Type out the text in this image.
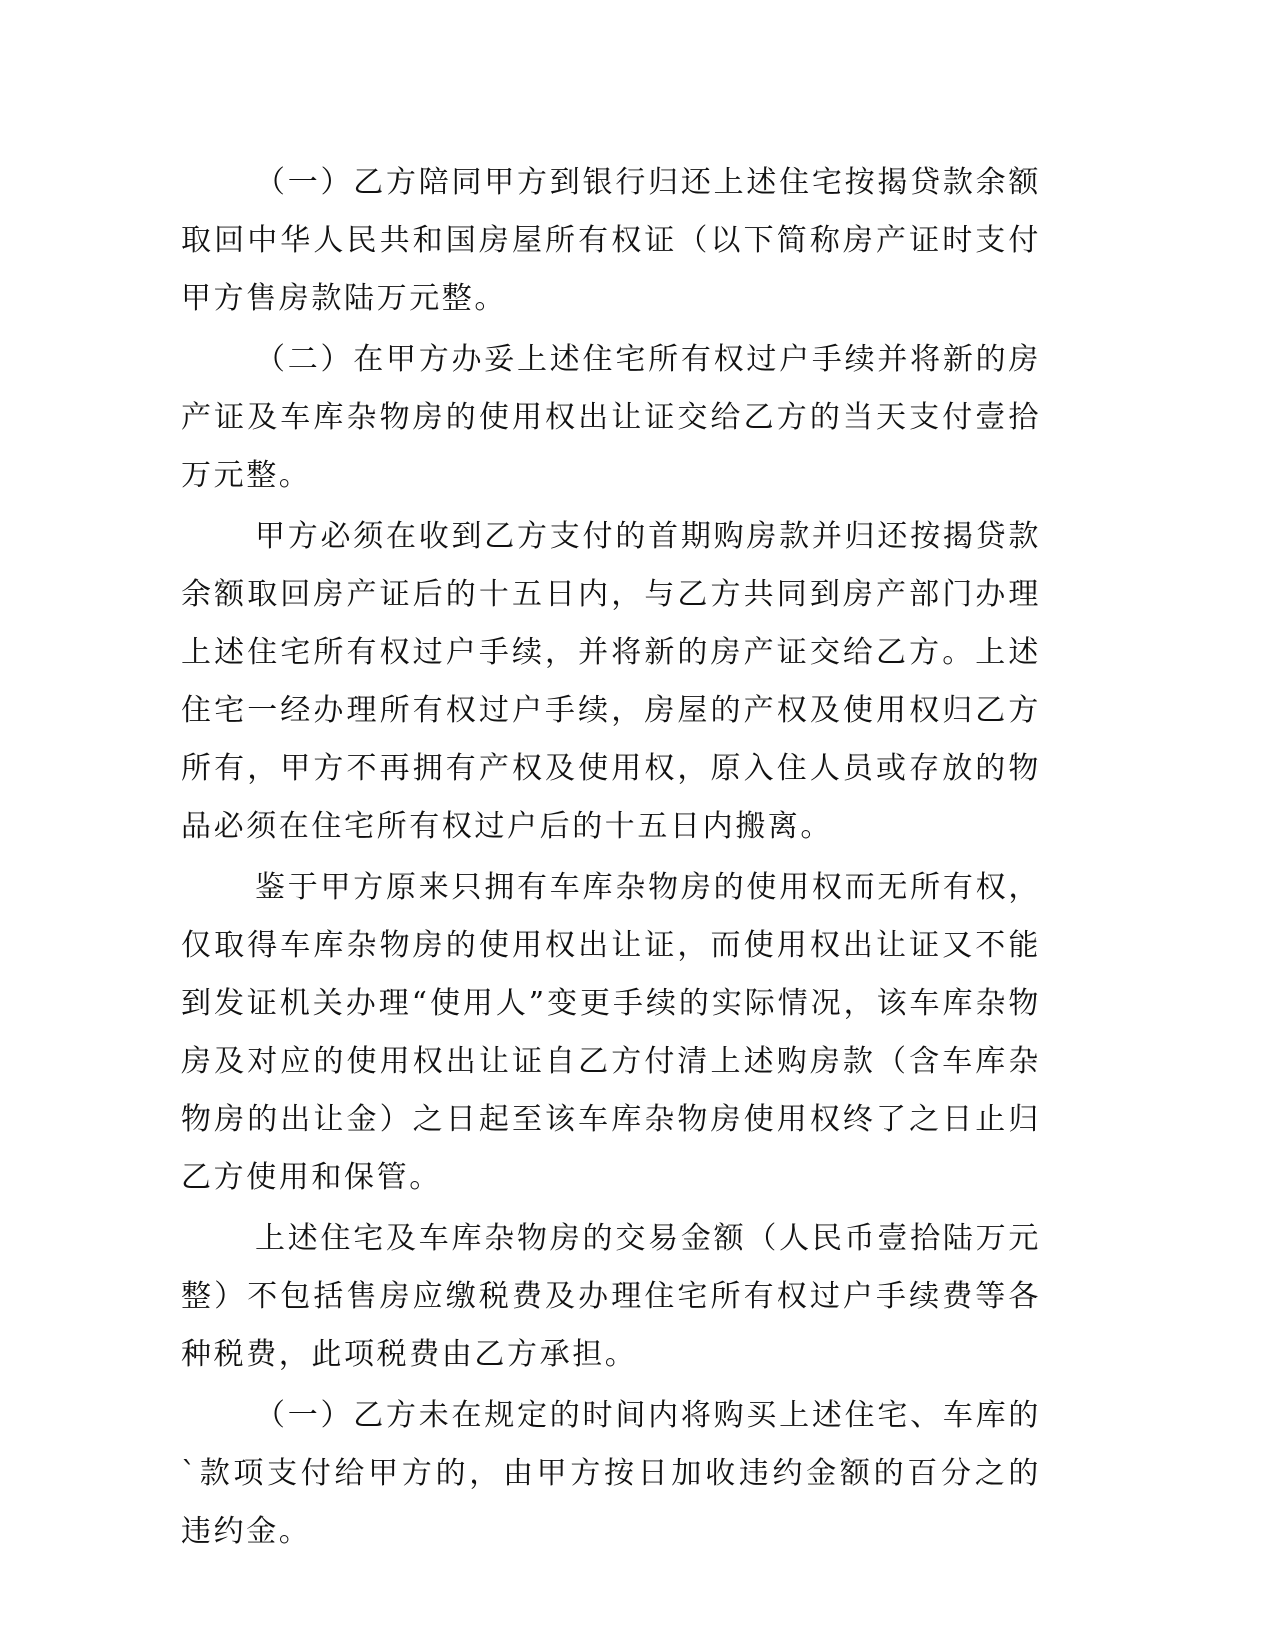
（一）乙方陪同甲方到银行归还上述住宅按揭贷款余额取回中华人民共和国房屋所有权证（以下简称房产证时支付甲方售房款陆万元整。

（二）在甲方办妥上述住宅所有权过户手续并将新的房产证及车库杂物房的使用权出让证交给乙方的当天支付壹拾万元整。

甲方必须在收到乙方支付的首期购房款并归还按揭贷款余额取回房产证后的十五日内，与乙方共同到房产部门办理上述住宅所有权过户手续，并将新的房产证交给乙方。上述住宅一经办理所有权过户手续，房屋的产权及使用权归乙方所有，甲方不再拥有产权及使用权，原入住人员或存放的物品必须在住宅所有权过户后的十五日内搬离。

鉴于甲方原来只拥有车库杂物房的使用权而无所有权，仅取得车库杂物房的使用权出让证，而使用权出让证又不能到发证机关办理“使用人”变更手续的实际情况，该车库杂物房及对应的使用权出让证自乙方付清上述购房款（含车库杂物房的出让金）之日起至该车库杂物房使用权终了之日止归乙方使用和保管。

上述住宅及车库杂物房的交易金额（人民币壹拾陆万元整）不包括售房应缴税费及办理住宅所有权过户手续费等各种税费，此项税费由乙方承担。

（一）乙方未在规定的时间内将购买上述住宅、车库的`款项支付给甲方的，由甲方按日加收违约金额的百分之的违约金。
